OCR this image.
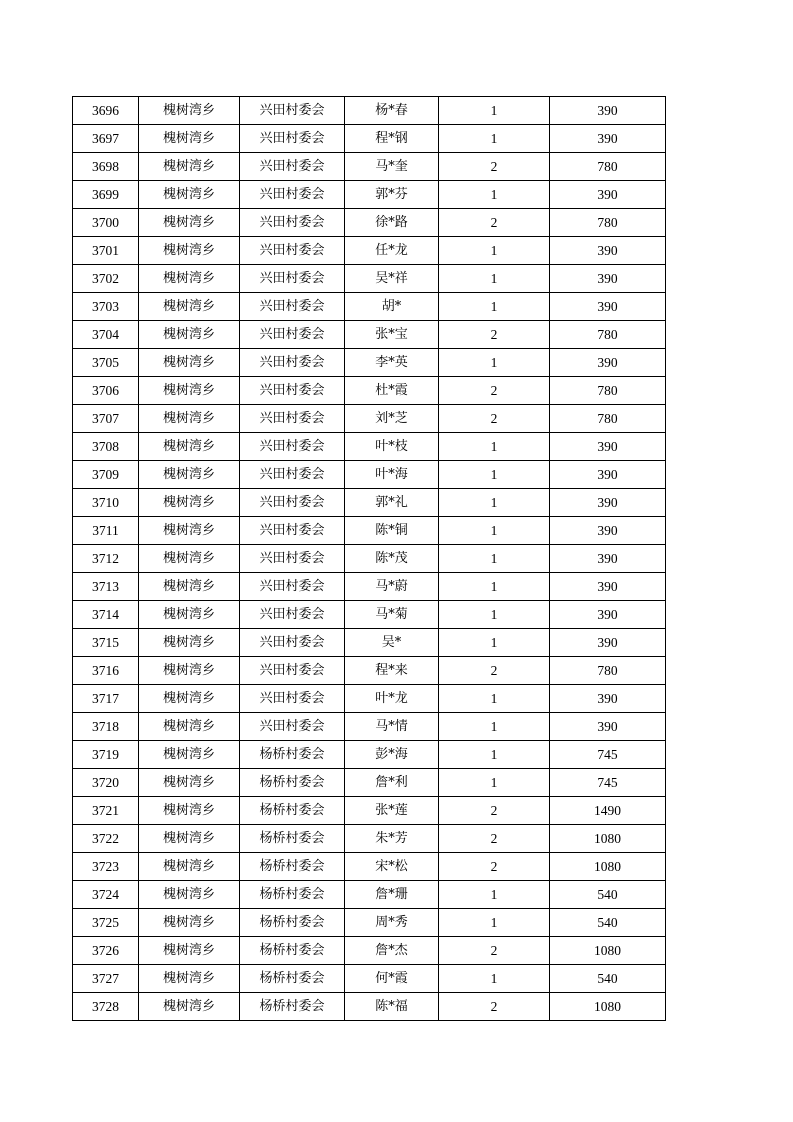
3696	槐树湾乡	兴田村委会	杨*春	1	390
3697	槐树湾乡	兴田村委会	程*钢	1	390
3698	槐树湾乡	兴田村委会	马*奎	2	780
3699	槐树湾乡	兴田村委会	郭*芬	1	390
3700	槐树湾乡	兴田村委会	徐*路	2	780
3701	槐树湾乡	兴田村委会	任*龙	1	390
3702	槐树湾乡	兴田村委会	吴*祥	1	390
3703	槐树湾乡	兴田村委会	胡*	1	390
3704	槐树湾乡	兴田村委会	张*宝	2	780
3705	槐树湾乡	兴田村委会	李*英	1	390
3706	槐树湾乡	兴田村委会	杜*霞	2	780
3707	槐树湾乡	兴田村委会	刘*芝	2	780
3708	槐树湾乡	兴田村委会	叶*枝	1	390
3709	槐树湾乡	兴田村委会	叶*海	1	390
3710	槐树湾乡	兴田村委会	郭*礼	1	390
3711	槐树湾乡	兴田村委会	陈*铜	1	390
3712	槐树湾乡	兴田村委会	陈*茂	1	390
3713	槐树湾乡	兴田村委会	马*蔚	1	390
3714	槐树湾乡	兴田村委会	马*菊	1	390
3715	槐树湾乡	兴田村委会	吴*	1	390
3716	槐树湾乡	兴田村委会	程*来	2	780
3717	槐树湾乡	兴田村委会	叶*龙	1	390
3718	槐树湾乡	兴田村委会	马*情	1	390
3719	槐树湾乡	杨桥村委会	彭*海	1	745
3720	槐树湾乡	杨桥村委会	詹*利	1	745
3721	槐树湾乡	杨桥村委会	张*莲	2	1490
3722	槐树湾乡	杨桥村委会	朱*芳	2	1080
3723	槐树湾乡	杨桥村委会	宋*松	2	1080
3724	槐树湾乡	杨桥村委会	詹*珊	1	540
3725	槐树湾乡	杨桥村委会	周*秀	1	540
3726	槐树湾乡	杨桥村委会	詹*杰	2	1080
3727	槐树湾乡	杨桥村委会	何*霞	1	540
3728	槐树湾乡	杨桥村委会	陈*福	2	1080
